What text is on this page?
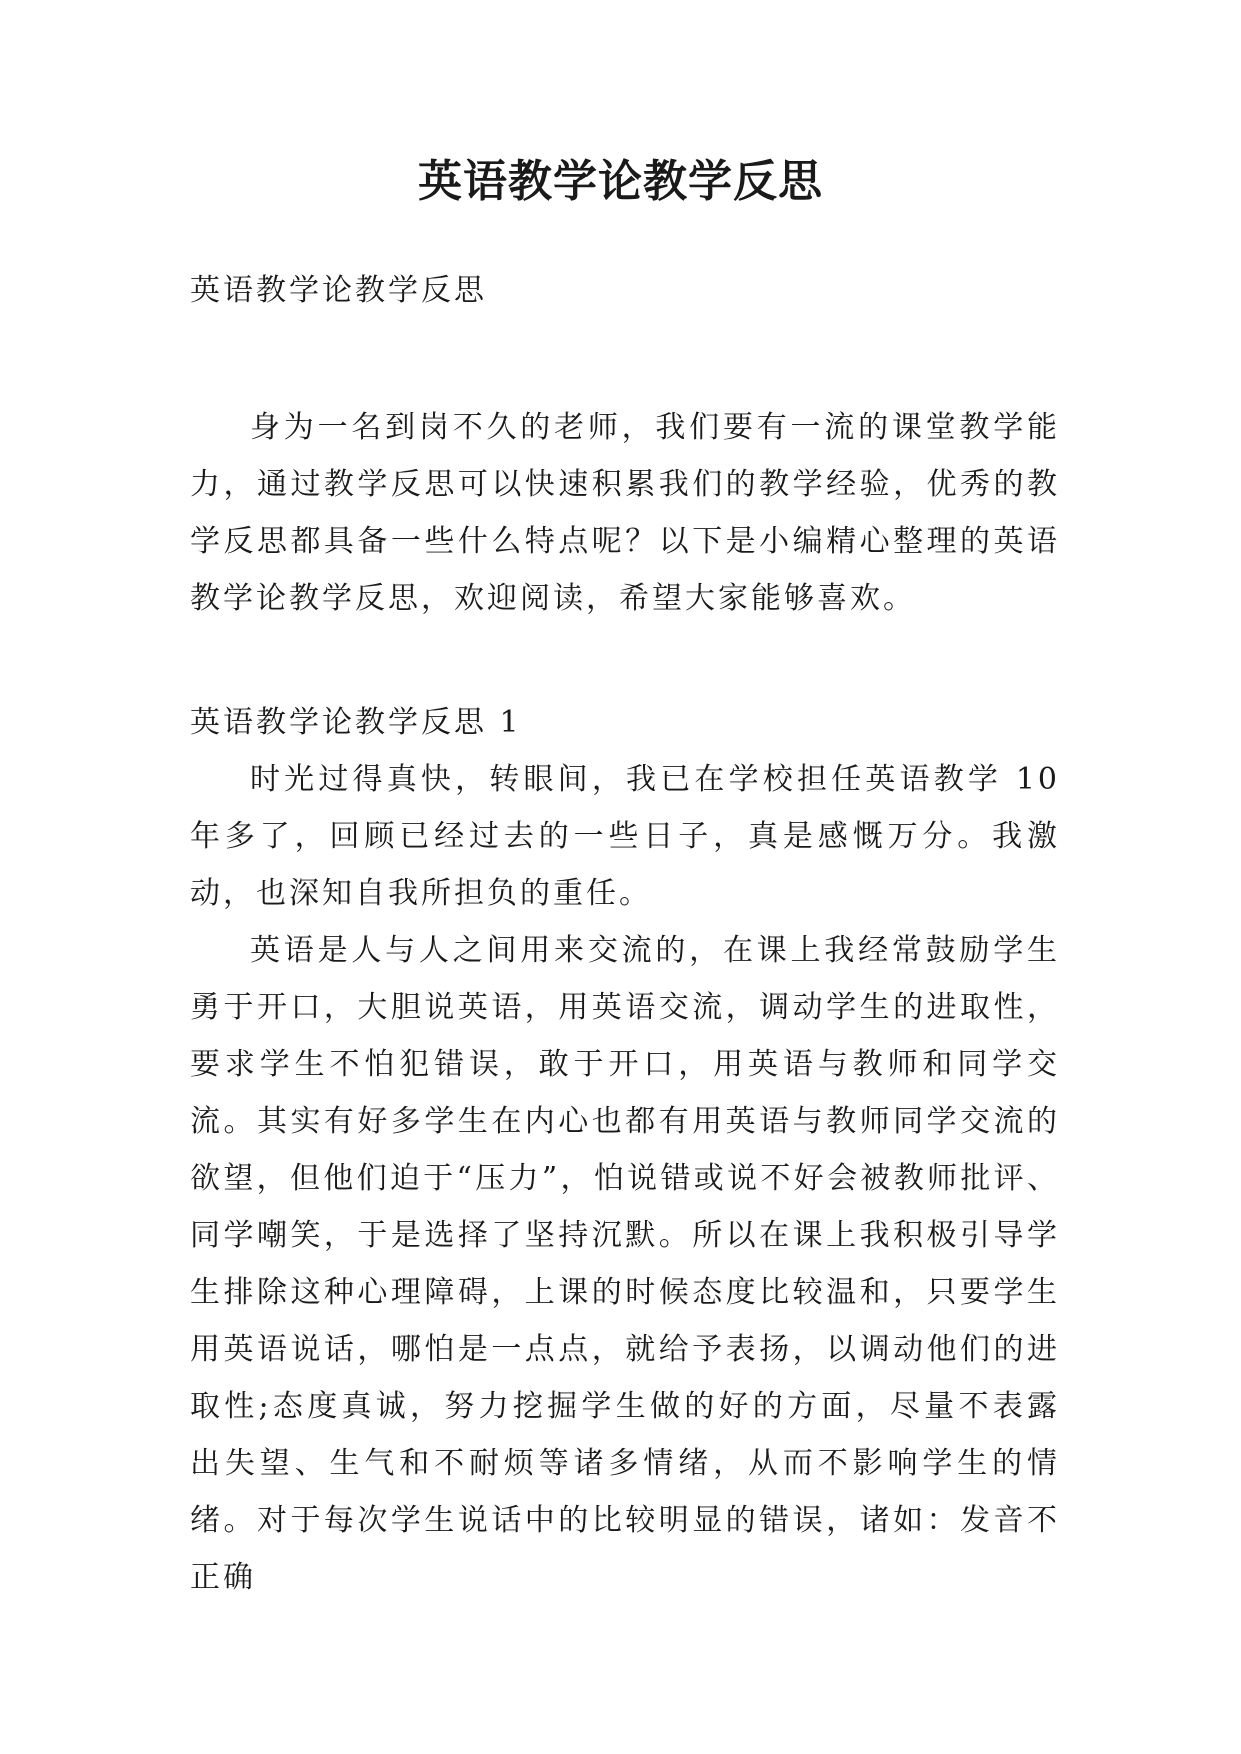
英语教学论教学反思

英语教学论教学反思

身为一名到岗不久的老师，我们要有一流的课堂教学能力，通过教学反思可以快速积累我们的教学经验，优秀的教学反思都具备一些什么特点呢？以下是小编精心整理的英语教学论教学反思，欢迎阅读，希望大家能够喜欢。

英语教学论教学反思 1

时光过得真快，转眼间，我已在学校担任英语教学 10 年多了，回顾已经过去的一些日子，真是感慨万分。我激动，也深知自我所担负的重任。

英语是人与人之间用来交流的，在课上我经常鼓励学生勇于开口，大胆说英语，用英语交流，调动学生的进取性，要求学生不怕犯错误，敢于开口，用英语与教师和同学交流。其实有好多学生在内心也都有用英语与教师同学交流的欲望，但他们迫于“压力”，怕说错或说不好会被教师批评、同学嘲笑，于是选择了坚持沉默。所以在课上我积极引导学生排除这种心理障碍，上课的时候态度比较温和，只要学生用英语说话，哪怕是一点点，就给予表扬，以调动他们的进取性;态度真诚，努力挖掘学生做的好的方面，尽量不表露出失望、生气和不耐烦等诸多情绪，从而不影响学生的情绪。对于每次学生说话中的比较明显的错误，诸如：发音不正确
